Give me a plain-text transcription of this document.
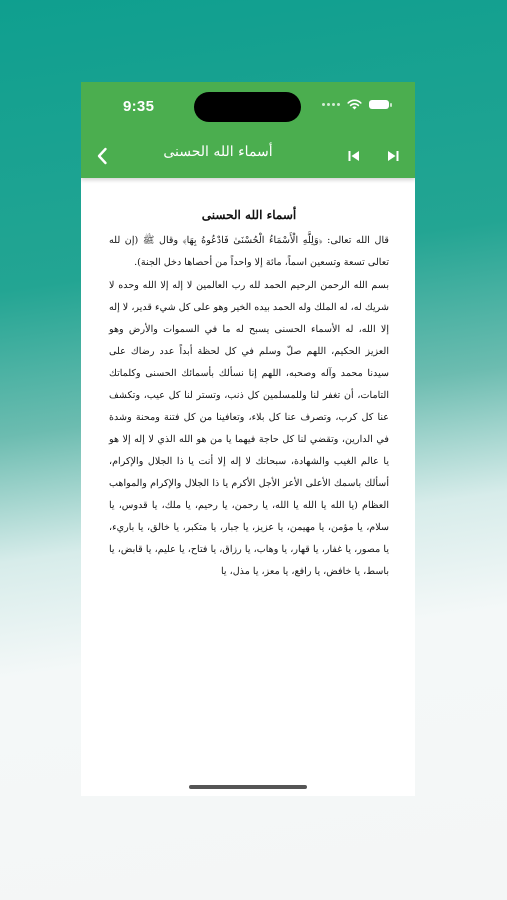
9:35
أسماء الله الحسنى
أسماء الله الحسنى

قال الله تعالى: ﴿وَلِلَّهِ الْأَسْمَاءُ الْحُسْنَىٰ فَادْعُوهُ بِهَا﴾ وقال ﷺ (إن لله تعالى تسعة وتسعين اسماً، مائة إلا واحداً من أحصاها دخل الجنة).

بسم الله الرحمن الرحيم الحمد لله رب العالمين لا إله إلا الله وحده لا شريك له، له الملك وله الحمد بيده الخير وهو على كل شيء قدير، لا إله إلا الله، له الأسماء الحسنى يسبح له ما في السموات والأرض وهو العزيز الحكيم، اللهم صلّ وسلم في كل لحظة أبداً عدد رضاك على سيدنا محمد وآله وصحبه، اللهم إنا نسألك بأسمائك الحسنى وكلماتك التامات، أن تغفر لنا وللمسلمين كل ذنب، وتستر لنا كل عيب، وتكشف عنا كل كرب، وتصرف عنا كل بلاء، وتعافينا من كل فتنة ومحنة وشدة في الدارين، وتقضي لنا كل حاجة فيهما يا من هو الله الذي لا إله إلا هو يا عالم الغيب والشهادة، سبحانك لا إله إلا أنت يا ذا الجلال والإكرام، أسألك باسمك الأعلى الأعز الأجل الأكرم يا ذا الجلال والإكرام والمواهب العظام (يا الله يا الله يا الله، يا رحمن، يا رحيم، يا ملك، يا قدوس، يا سلام، يا مؤمن، يا مهيمن، يا عزيز، يا جبار، يا متكبر، يا خالق، يا باريء، يا مصور، يا غفار، يا قهار، يا وهاب، يا رزاق، يا فتاح، يا عليم، يا قابض، يا باسط، يا خافض، يا رافع، يا معز، يا مذل، يا
